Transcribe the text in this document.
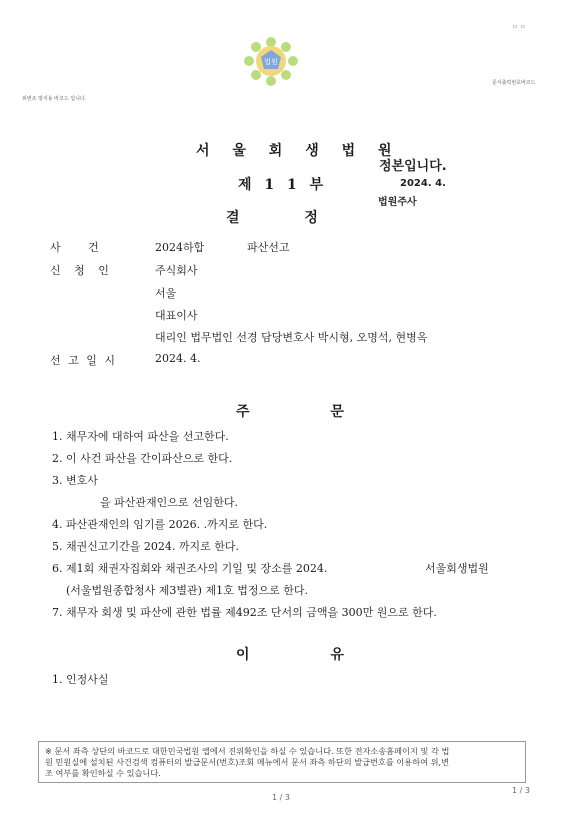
ㅁ ㅁ
위변조 방지용 바코드 입니다.
문서출력번호바코드
법원
서 울 회 생 법 원
제 1 1 부
결 정
정본입니다.
2024. 4.
법원주사
사 건	2024하합	파산선고
신 청 인	주식회사
서울
대표이사
대리인 법무법인 선경 담당변호사 박시형, 오명석, 현병옥
선 고 일 시	2024. 4.
주 문
1. 채무자에 대하여 파산을 선고한다.
2. 이 사건 파산을 간이파산으로 한다.
3. 변호사
을 파산관재인으로 선임한다.
4. 파산관재인의 임기를 2026. .까지로 한다.
5. 채권신고기간을 2024. 까지로 한다.
6. 제1회 채권자집회와 채권조사의 기일 및 장소를 2024.	서울회생법원
(서울법원종합청사 제3별관) 제1호 법정으로 한다.
7. 채무자 회생 및 파산에 관한 법률 제492조 단서의 금액을 300만 원으로 한다.
이 유
1. 인정사실
※ 문서 좌측 상단의 바코드로 대한민국법원 앱에서 진위확인을 하실 수 있습니다. 또한 전자소송홈페이지 및 각 법
원 민원실에 설치된 사건검색 컴퓨터의 발급문서(번호)조회 메뉴에서 문서 좌측 하단의 발급번호를 이용하여 위,변
조 여부를 확인하실 수 있습니다.
1 / 3
1 / 3
